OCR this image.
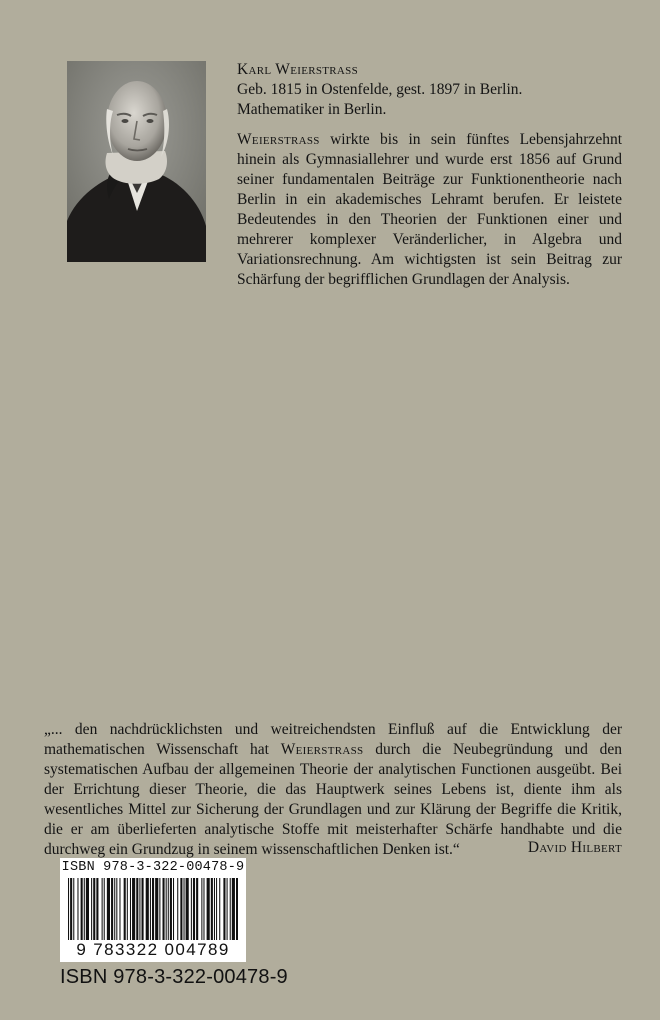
Karl Weierstrass
Geb. 1815 in Ostenfelde, gest. 1897 in Berlin.
Mathematiker in Berlin.
Weierstrass wirkte bis in sein fünftes Lebensjahrzehnt hinein als Gymnasiallehrer und wurde erst 1856 auf Grund seiner fundamentalen Beiträge zur Funktionentheorie nach Berlin in ein akademisches Lehramt berufen. Er leistete Bedeutendes in den Theorien der Funktionen einer und mehrerer komplexer Veränderlicher, in Algebra und Variationsrechnung. Am wichtigsten ist sein Beitrag zur Schärfung der begrifflichen Grundlagen der Analysis.
„... den nachdrücklichsten und weitreichendsten Einfluß auf die Entwicklung der mathematischen Wissenschaft hat Weierstrass durch die Neubegründung und den systematischen Aufbau der allgemeinen Theorie der analytischen Functionen ausgeübt. Bei der Errichtung dieser Theorie, die das Hauptwerk seines Lebens ist, diente ihm als wesentliches Mittel zur Sicherung der Grundlagen und zur Klärung der Begriffe die Kritik, die er am überlieferten analytische Stoffe mit meisterhafter Schärfe handhabte und die durchweg ein Grundzug in seinem wissenschaftlichen Denken ist.“	David Hilbert
ISBN 978-3-322-00478-9
9 783322 004789
ISBN 978-3-322-00478-9
